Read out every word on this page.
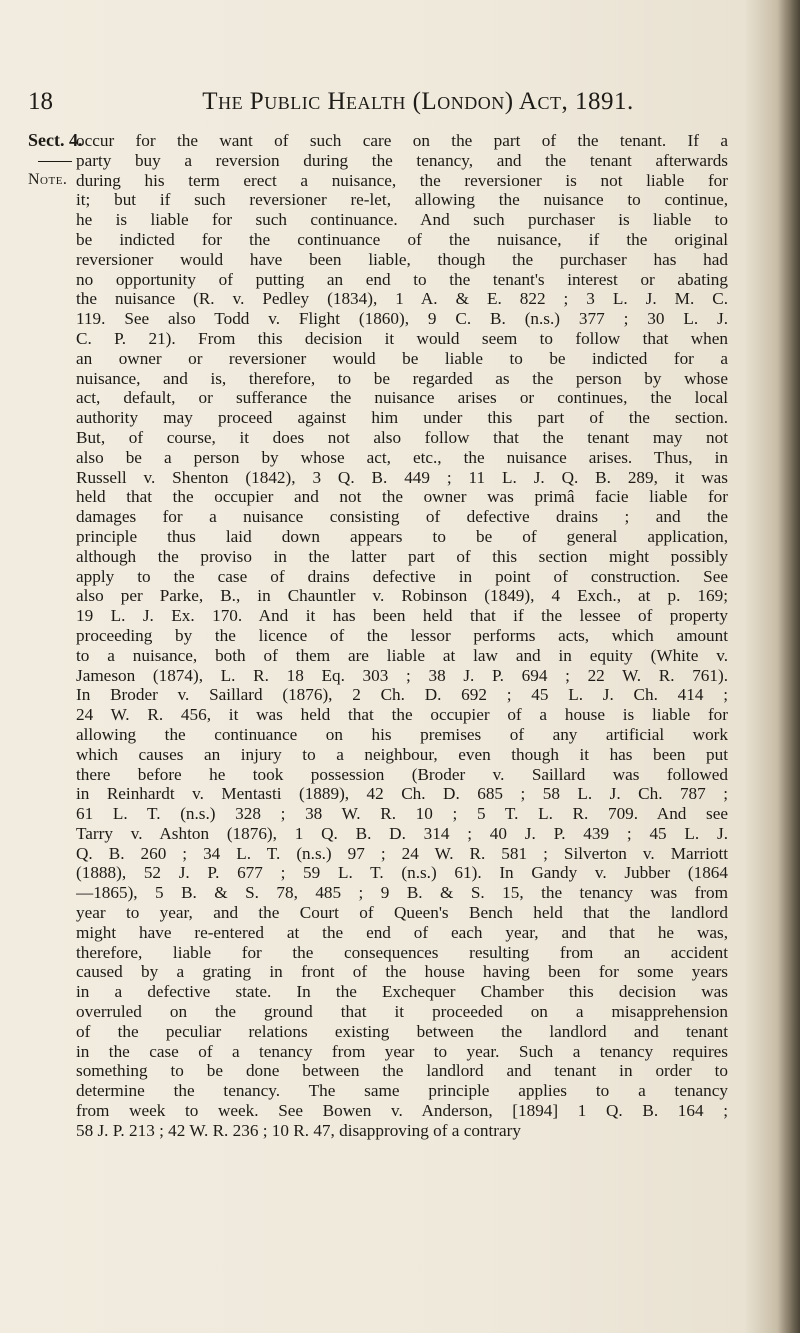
18	The Public Health (London) Act, 1891.
Sect. 4.
Note.
occur for the want of such care on the part of the tenant. If a
party buy a reversion during the tenancy, and the tenant afterwards
during his term erect a nuisance, the reversioner is not liable for
it; but if such reversioner re-let, allowing the nuisance to continue,
he is liable for such continuance. And such purchaser is liable to
be indicted for the continuance of the nuisance, if the original
reversioner would have been liable, though the purchaser has had
no opportunity of putting an end to the tenant's interest or abating
the nuisance (R. v. Pedley (1834), 1 A. & E. 822 ; 3 L. J. M. C.
119. See also Todd v. Flight (1860), 9 C. B. (n.s.) 377 ; 30 L. J.
C. P. 21). From this decision it would seem to follow that when
an owner or reversioner would be liable to be indicted for a
nuisance, and is, therefore, to be regarded as the person by whose
act, default, or sufferance the nuisance arises or continues, the local
authority may proceed against him under this part of the section.
But, of course, it does not also follow that the tenant may not
also be a person by whose act, etc., the nuisance arises. Thus, in
Russell v. Shenton (1842), 3 Q. B. 449 ; 11 L. J. Q. B. 289, it was
held that the occupier and not the owner was primâ facie liable for
damages for a nuisance consisting of defective drains ; and the
principle thus laid down appears to be of general application,
although the proviso in the latter part of this section might possibly
apply to the case of drains defective in point of construction. See
also per Parke, B., in Chauntler v. Robinson (1849), 4 Exch., at p. 169;
19 L. J. Ex. 170. And it has been held that if the lessee of property
proceeding by the licence of the lessor performs acts, which amount
to a nuisance, both of them are liable at law and in equity (White v.
Jameson (1874), L. R. 18 Eq. 303 ; 38 J. P. 694 ; 22 W. R. 761).
In Broder v. Saillard (1876), 2 Ch. D. 692 ; 45 L. J. Ch. 414 ;
24 W. R. 456, it was held that the occupier of a house is liable for
allowing the continuance on his premises of any artificial work
which causes an injury to a neighbour, even though it has been put
there before he took possession (Broder v. Saillard was followed
in Reinhardt v. Mentasti (1889), 42 Ch. D. 685 ; 58 L. J. Ch. 787 ;
61 L. T. (n.s.) 328 ; 38 W. R. 10 ; 5 T. L. R. 709. And see
Tarry v. Ashton (1876), 1 Q. B. D. 314 ; 40 J. P. 439 ; 45 L. J.
Q. B. 260 ; 34 L. T. (n.s.) 97 ; 24 W. R. 581 ; Silverton v. Marriott
(1888), 52 J. P. 677 ; 59 L. T. (n.s.) 61). In Gandy v. Jubber (1864
—1865), 5 B. & S. 78, 485 ; 9 B. & S. 15, the tenancy was from
year to year, and the Court of Queen's Bench held that the landlord
might have re-entered at the end of each year, and that he was,
therefore, liable for the consequences resulting from an accident
caused by a grating in front of the house having been for some years
in a defective state. In the Exchequer Chamber this decision was
overruled on the ground that it proceeded on a misapprehension
of the peculiar relations existing between the landlord and tenant
in the case of a tenancy from year to year. Such a tenancy requires
something to be done between the landlord and tenant in order to
determine the tenancy. The same principle applies to a tenancy
from week to week. See Bowen v. Anderson, [1894] 1 Q. B. 164 ;
58 J. P. 213 ; 42 W. R. 236 ; 10 R. 47, disapproving of a contrary
